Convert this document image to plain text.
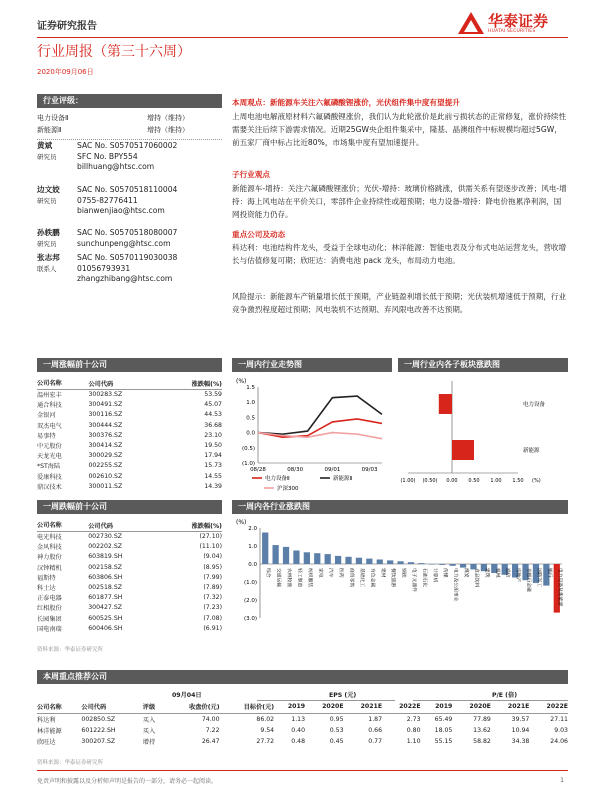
证券研究报告	华泰证券
HUATAI SECURITIES
行业周报（第三十六周）
2020年09月06日
行业评级：
电力设备Ⅱ	增持（维持）
新能源Ⅱ	增持（维持）
黄斌
研究员
SAC No. S0570517060002
SFC No. BPY554
billhuang@htsc.com
边文姣
研究员
SAC No. S0570518110004
0755-82776411
bianwenjiao@htsc.com
孙轶鹏
研究员
SAC No. S0570518080007
sunchunpeng@htsc.com
张志邦
联系人
SAC No. S0570119030038
01056793931
zhangzhibang@htsc.com
本周观点：新能源车关注六氟磷酸锂涨价，光伏组件集中度有望提升
上周电池电解液原材料六氟磷酸锂涨价，我们认为此轮涨价是此前亏损状态的正常修复，涨价持续性需要关注后续下游需求情况。近期25GW央企组件集采中，隆基、晶澳组件中标规模均超过5GW，前五家厂商中标占比近80%，市场集中度有望加速提升。
子行业观点
新能源车-增持：关注六氟磷酸锂涨价；光伏-增持：玻璃价格跳涨，供需关系有望逐步改善；风电-增持：海上风电站在平价关口，零部件企业持续性或超预期；电力设备-增持：降电价拖累净利润，国网投资能力仍存。
重点公司及动态
科达利：电池结构件龙头，受益于全球电动化；林洋能源：智能电表及分布式电站运营龙头，营收增长与估值修复可期；欣旺达：消费电池 pack 龙头，布局动力电池。
风险提示：新能源车产销量增长低于预期，产业链盈利增长低于预期；光伏装机增速低于预期，行业竞争激烈程度超过预期；风电装机不达预期、弃风限电改善不达预期。
一周涨幅前十公司
公司名称	公司代码	涨跌幅(%)
温州宏丰	300283.SZ	53.59
通合科技	300491.SZ	45.07
金银河	300116.SZ	44.53
双杰电气	300444.SZ	36.68
易事特	300376.SZ	23.10
中元股份	300414.SZ	19.50
天龙光电	300029.SZ	17.94
*ST海陆	002255.SZ	15.73
爱康科技	002610.SZ	14.55
鼎汉技术	300011.SZ	14.39
一周跌幅前十公司
公司名称	公司代码	涨跌幅(%)
电光科技	002730.SZ	(27.10)
金风科技	002202.SZ	(11.10)
神力股份	603819.SH	(9.04)
汉钟精机	002158.SZ	(8.95)
福斯特	603806.SH	(7.99)
科士达	002518.SZ	(7.89)
正泰电器	601877.SH	(7.32)
红相股份	300427.SZ	(7.23)
长园集团	600525.SH	(7.08)
国电南瑞	600406.SH	(6.91)
资料来源：华泰证券研究所
一周内行业走势图
(%)
1.5
1.0
0.5
0.0
(0.5)
(1.0)
08/28	08/30	09/01	09/03
电力设备Ⅱ	新能源Ⅱ
沪深300
一周行业内各子板块涨跌图
电力设备
新能源
(1.00) (0.50) 0.00 0.50 1.00 1.50 (%)
一周内各行业涨跌图
(%)
2.0
1.0
0.0
(1.0)
(2.0)
(3.0)
综合	交通运输	农林牧渔	轻工制造	纺织服装	家电	汽车	医药	商贸零售	基础化工	有色金属	建材	餐饮旅游	钢铁	电子元器件	石油石化	计算机	传媒	电力及公用事业	煤炭	食品饮料	建筑	机械	通信	房地产	非银行金融	国防军工	银行	电力设备及新能源
本周重点推荐公司
09月04日	EPS (元)	P/E (倍)
公司名称	公司代码	评级	收盘价(元)	目标价(元)	2019	2020E	2021E	2022E	2019	2020E	2021E	2022E
科达利	002850.SZ	买入	74.00	86.02	1.13	0.95	1.87	2.73	65.49	77.89	39.57	27.11
林洋能源	601222.SH	买入	7.22	9.54	0.40	0.53	0.66	0.80	18.05	13.62	10.94	9.03
欣旺达	300207.SZ	增持	26.47	27.72	0.48	0.45	0.77	1.10	55.15	58.82	34.38	24.06
资料来源：华泰证券研究所
免责声明和披露以及分析师声明是报告的一部分，请务必一起阅读。	1
